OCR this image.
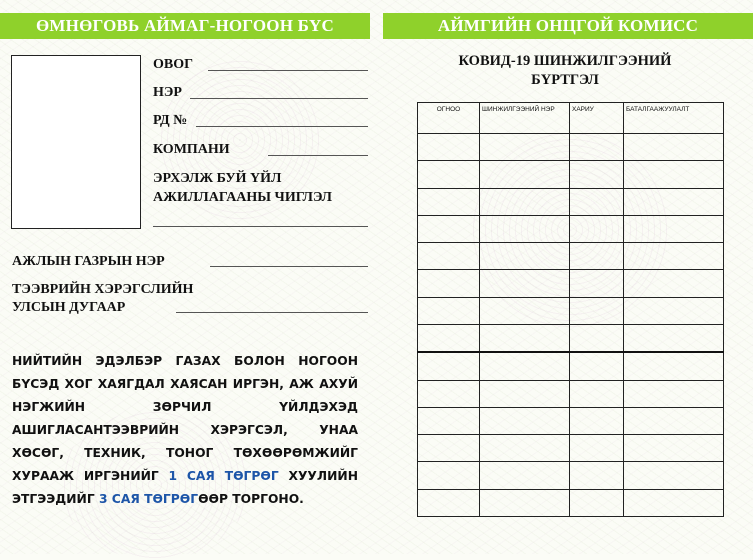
ӨМНӨГОВЬ АЙМАГ-НОГООН БҮС
ОВОГ
НЭР
РД №
КОМПАНИ
ЭРХЭЛЖ БУЙ ҮЙЛ
АЖИЛЛАГААНЫ ЧИГЛЭЛ
АЖЛЫН ГАЗРЫН НЭР
ТЭЭВРИЙН ХЭРЭГСЛИЙН
УЛСЫН ДУГААР
НИЙТИЙН ЭДЭЛБЭР ГАЗАХ БОЛОН НОГООН БҮСЭД ХОГ ХАЯГДАЛ ХАЯСАН ИРГЭН, АЖ АХУЙ НЭГЖИЙН ЗӨРЧИЛ ҮЙЛДЭХЭД АШИГЛАСАНТЭЭВРИЙН ХЭРЭГСЭЛ, УНАА ХӨСӨГ, ТЕХНИК, ТОНОГ ТӨХӨӨРӨМЖИЙГ ХУРААЖ ИРГЭНИЙГ 1 САЯ ТӨГРӨГ ХУУЛИЙН ЭТГЭЭДИЙГ 3 САЯ ТӨГРӨГӨӨР ТОРГОНО.
АЙМГИЙН ОНЦГОЙ КОМИСС
КОВИД-19 ШИНЖИЛГЭЭНИЙ
БҮРТГЭЛ
ОГНОО	ШИНЖИЛГЭЭНИЙ НЭР	ХАРИУ	БАТАЛГААЖУУЛАЛТ
